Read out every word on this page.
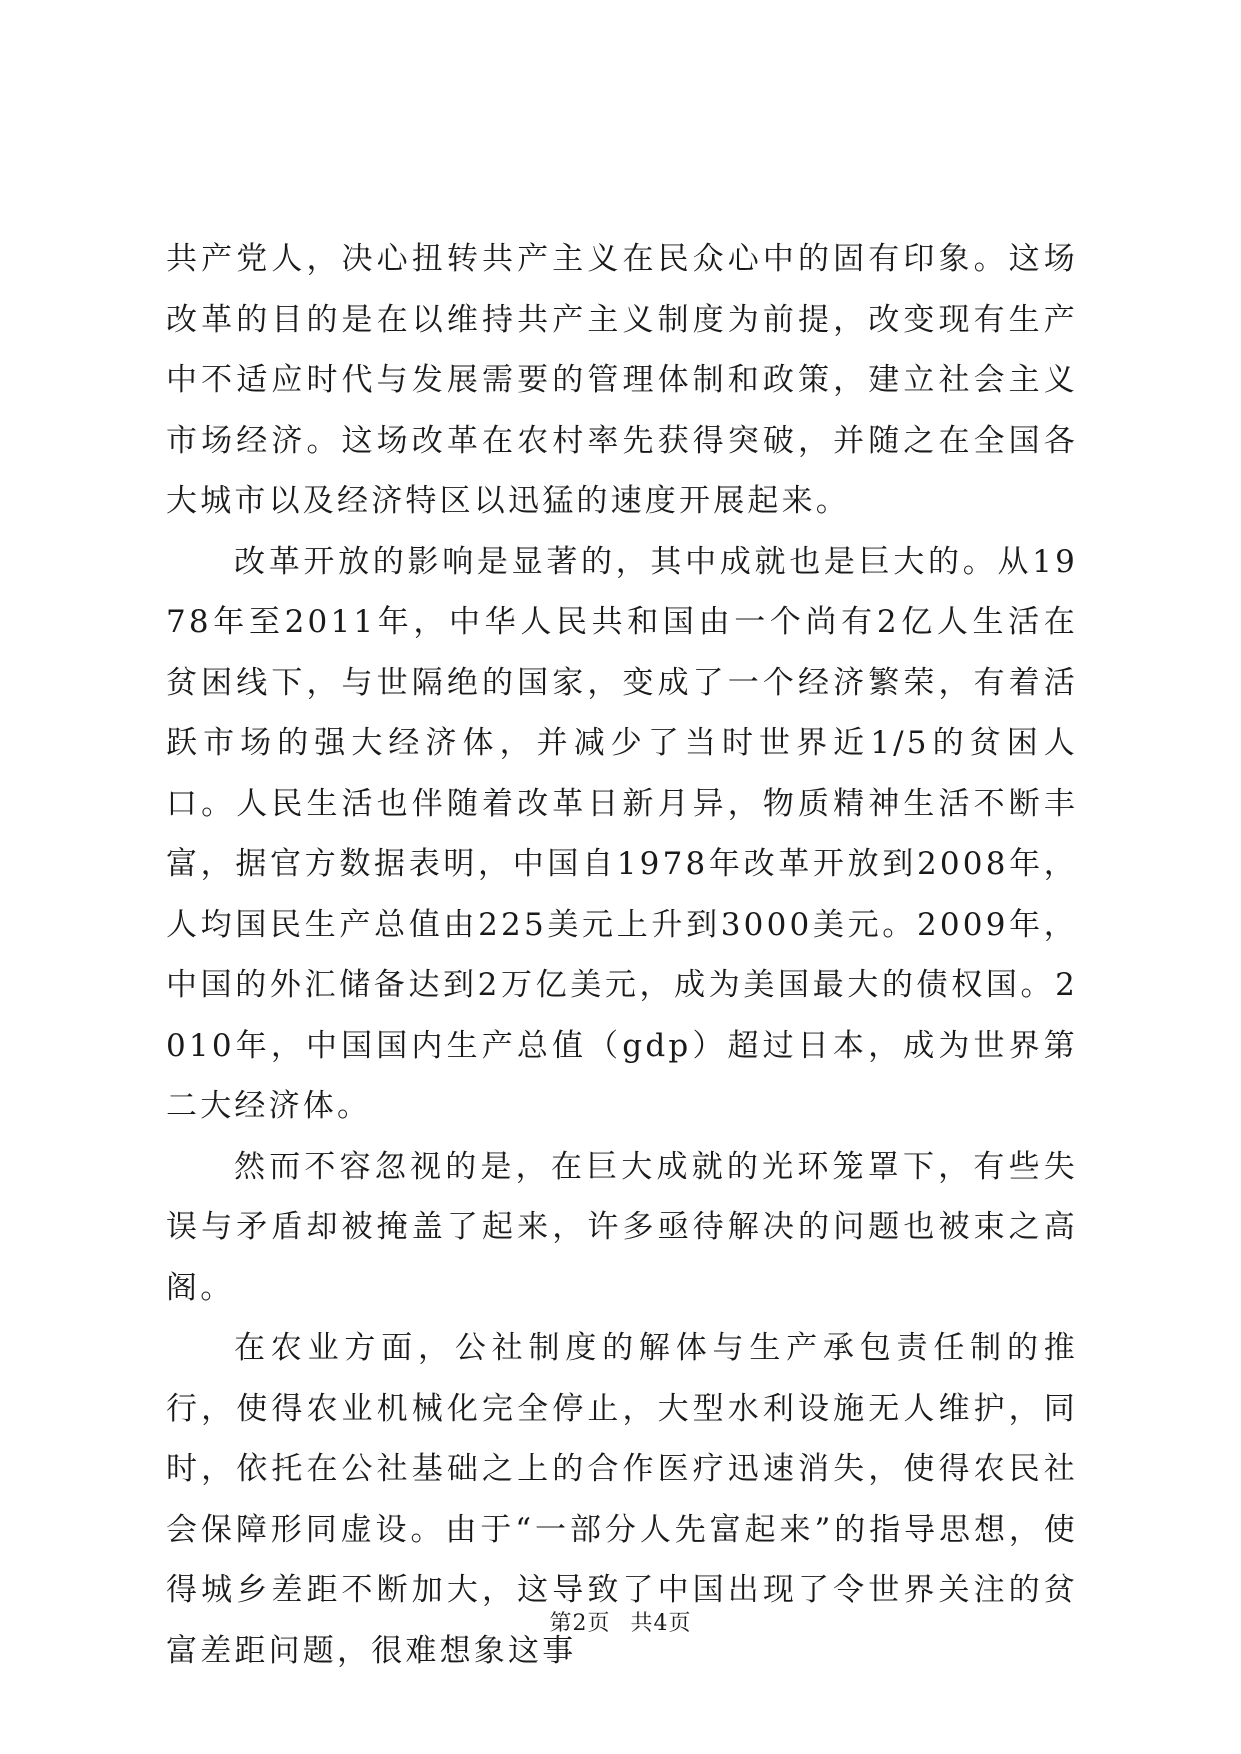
共产党人，决心扭转共产主义在民众心中的固有印象。这场改革的目的是在以维持共产主义制度为前提，改变现有生产中不适应时代与发展需要的管理体制和政策，建立社会主义市场经济。这场改革在农村率先获得突破，并随之在全国各大城市以及经济特区以迅猛的速度开展起来。

改革开放的影响是显著的，其中成就也是巨大的。从1978年至2011年，中华人民共和国由一个尚有2亿人生活在贫困线下，与世隔绝的国家，变成了一个经济繁荣，有着活跃市场的强大经济体，并减少了当时世界近1/5的贫困人口。人民生活也伴随着改革日新月异，物质精神生活不断丰富，据官方数据表明，中国自1978年改革开放到2008年，人均国民生产总值由225美元上升到3000美元。2009年，中国的外汇储备达到2万亿美元，成为美国最大的债权国。2010年，中国国内生产总值（gdp）超过日本，成为世界第二大经济体。

然而不容忽视的是，在巨大成就的光环笼罩下，有些失误与矛盾却被掩盖了起来，许多亟待解决的问题也被束之高阁。

在农业方面，公社制度的解体与生产承包责任制的推行，使得农业机械化完全停止，大型水利设施无人维护，同时，依托在公社基础之上的合作医疗迅速消失，使得农民社会保障形同虚设。由于“一部分人先富起来”的指导思想，使得城乡差距不断加大，这导致了中国出现了令世界关注的贫富差距问题，很难想象这事

第2页 共4页
